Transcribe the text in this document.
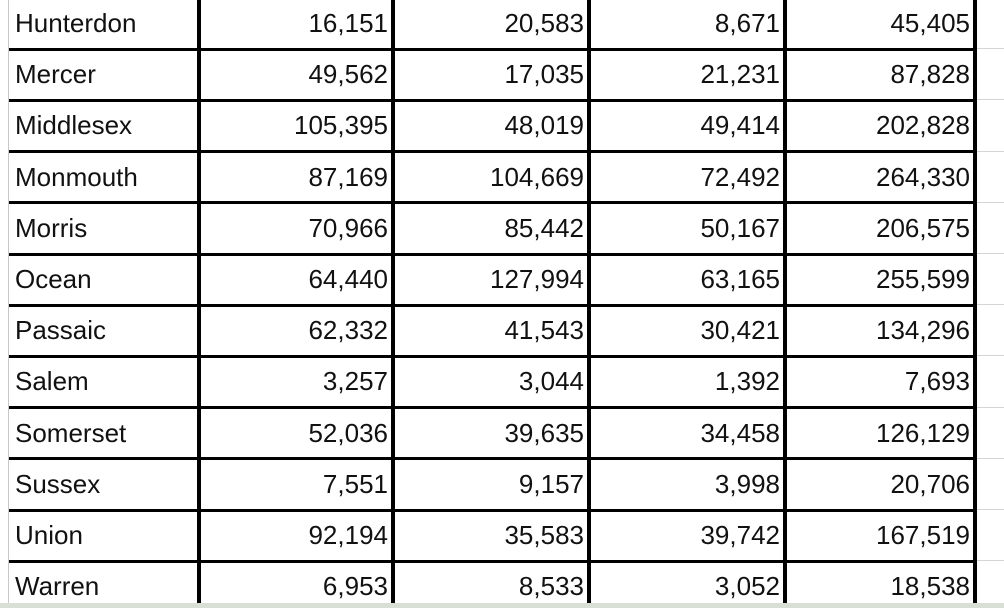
Hunterdon	16,151	20,583	8,671	45,405
Mercer	49,562	17,035	21,231	87,828
Middlesex	105,395	48,019	49,414	202,828
Monmouth	87,169	104,669	72,492	264,330
Morris	70,966	85,442	50,167	206,575
Ocean	64,440	127,994	63,165	255,599
Passaic	62,332	41,543	30,421	134,296
Salem	3,257	3,044	1,392	7,693
Somerset	52,036	39,635	34,458	126,129
Sussex	7,551	9,157	3,998	20,706
Union	92,194	35,583	39,742	167,519
Warren	6,953	8,533	3,052	18,538
